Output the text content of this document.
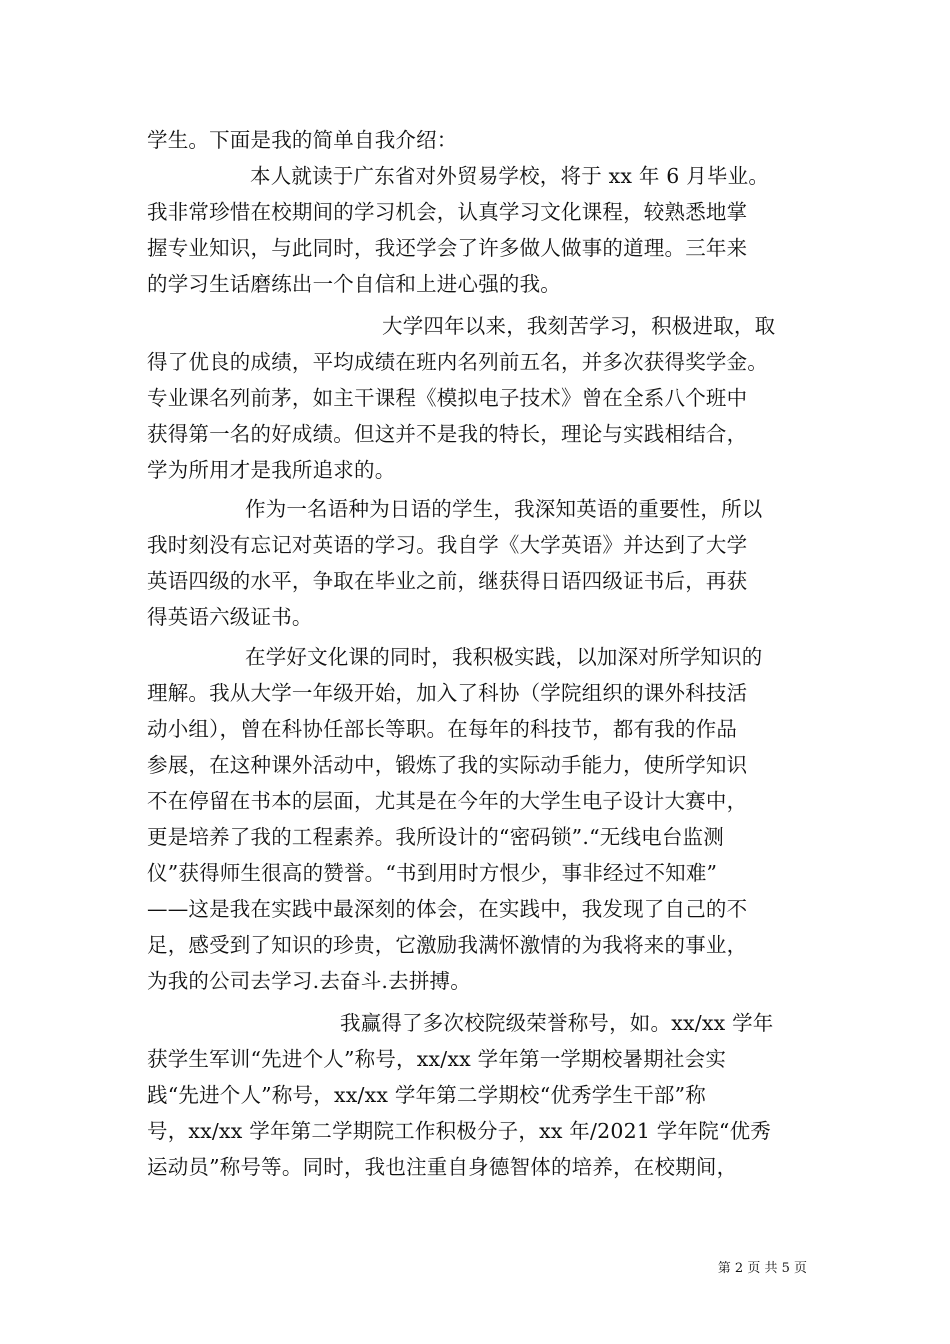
学生。下面是我的简单自我介绍：
本人就读于广东省对外贸易学校，将于 xx 年 6 月毕业。
我非常珍惜在校期间的学习机会，认真学习文化课程，较熟悉地掌
握专业知识，与此同时，我还学会了许多做人做事的道理。三年来
的学习生话磨练出一个自信和上进心强的我。
大学四年以来，我刻苦学习，积极进取，取
得了优良的成绩，平均成绩在班内名列前五名，并多次获得奖学金。
专业课名列前茅，如主干课程《模拟电子技术》曾在全系八个班中
获得第一名的好成绩。但这并不是我的特长，理论与实践相结合，
学为所用才是我所追求的。
作为一名语种为日语的学生，我深知英语的重要性，所以
我时刻没有忘记对英语的学习。我自学《大学英语》并达到了大学
英语四级的水平，争取在毕业之前，继获得日语四级证书后，再获
得英语六级证书。
在学好文化课的同时，我积极实践，以加深对所学知识的
理解。我从大学一年级开始，加入了科协（学院组织的课外科技活
动小组），曾在科协任部长等职。在每年的科技节，都有我的作品
参展，在这种课外活动中，锻炼了我的实际动手能力，使所学知识
不在停留在书本的层面，尤其是在今年的大学生电子设计大赛中，
更是培养了我的工程素养。我所设计的“密码锁”.“无线电台监测
仪”获得师生很高的赞誉。“书到用时方恨少，事非经过不知难”
——这是我在实践中最深刻的体会，在实践中，我发现了自己的不
足，感受到了知识的珍贵，它激励我满怀激情的为我将来的事业，
为我的公司去学习.去奋斗.去拼搏。
我赢得了多次校院级荣誉称号，如。xx/xx 学年
获学生军训“先进个人”称号，xx/xx 学年第一学期校暑期社会实
践“先进个人”称号，xx/xx 学年第二学期校“优秀学生干部”称
号，xx/xx 学年第二学期院工作积极分子，xx 年/2021 学年院“优秀
运动员”称号等。同时，我也注重自身德智体的培养，在校期间，
第 2 页 共 5 页
